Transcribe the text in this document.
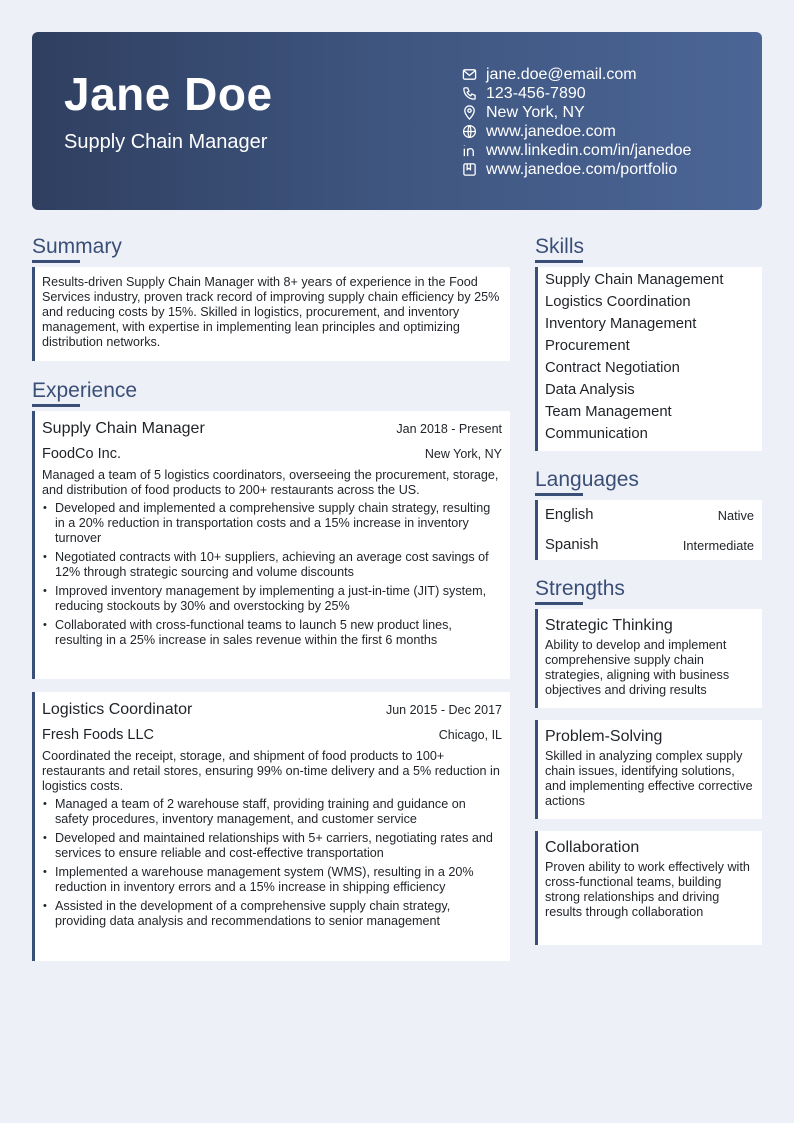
Jane Doe
Supply Chain Manager
jane.doe@email.com
123-456-7890
New York, NY
www.janedoe.com
www.linkedin.com/in/janedoe
www.janedoe.com/portfolio
Summary
Results-driven Supply Chain Manager with 8+ years of experience in the Food Services industry, proven track record of improving supply chain efficiency by 25% and reducing costs by 15%. Skilled in logistics, procurement, and inventory management, with expertise in implementing lean principles and optimizing distribution networks.
Experience
Supply Chain Manager	Jan 2018 - Present
FoodCo Inc.	New York, NY
Managed a team of 5 logistics coordinators, overseeing the procurement, storage, and distribution of food products to 200+ restaurants across the US.
• Developed and implemented a comprehensive supply chain strategy, resulting in a 20% reduction in transportation costs and a 15% increase in inventory turnover
• Negotiated contracts with 10+ suppliers, achieving an average cost savings of 12% through strategic sourcing and volume discounts
• Improved inventory management by implementing a just-in-time (JIT) system, reducing stockouts by 30% and overstocking by 25%
• Collaborated with cross-functional teams to launch 5 new product lines, resulting in a 25% increase in sales revenue within the first 6 months
Logistics Coordinator	Jun 2015 - Dec 2017
Fresh Foods LLC	Chicago, IL
Coordinated the receipt, storage, and shipment of food products to 100+ restaurants and retail stores, ensuring 99% on-time delivery and a 5% reduction in logistics costs.
• Managed a team of 2 warehouse staff, providing training and guidance on safety procedures, inventory management, and customer service
• Developed and maintained relationships with 5+ carriers, negotiating rates and services to ensure reliable and cost-effective transportation
• Implemented a warehouse management system (WMS), resulting in a 20% reduction in inventory errors and a 15% increase in shipping efficiency
• Assisted in the development of a comprehensive supply chain strategy, providing data analysis and recommendations to senior management
Skills
Supply Chain Management
Logistics Coordination
Inventory Management
Procurement
Contract Negotiation
Data Analysis
Team Management
Communication
Languages
English	Native
Spanish	Intermediate
Strengths
Strategic Thinking
Ability to develop and implement comprehensive supply chain strategies, aligning with business objectives and driving results
Problem-Solving
Skilled in analyzing complex supply chain issues, identifying solutions, and implementing effective corrective actions
Collaboration
Proven ability to work effectively with cross-functional teams, building strong relationships and driving results through collaboration
